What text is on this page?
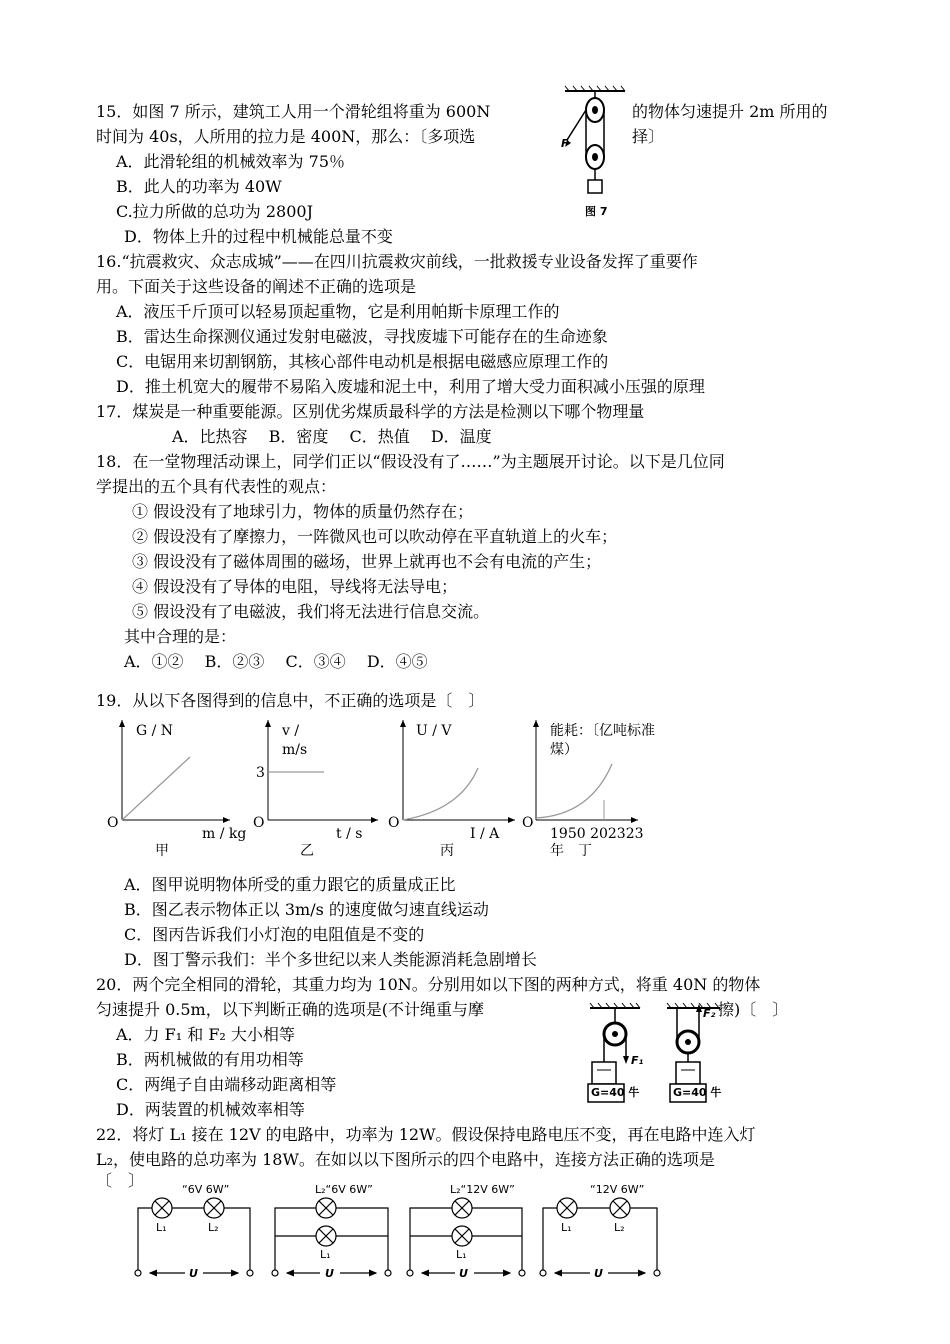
15．如图 7 所示，建筑工人用一个滑轮组将重为 600N	的物体匀速提升 2m 所用的
时间为 40s，人所用的拉力是 400N，那么：〔多项选	择〕
A．此滑轮组的机械效率为 75％
B．此人的功率为 40W
C.拉力所做的总功为 2800J
D．物体上升的过程中机械能总量不变
F
图 7
16.“抗震救灾、众志成城”——在四川抗震救灾前线，一批救援专业设备发挥了重要作
用。下面关于这些设备的阐述不正确的选项是
A．液压千斤顶可以轻易顶起重物，它是利用帕斯卡原理工作的
B．雷达生命探测仪通过发射电磁波，寻找废墟下可能存在的生命迹象
C．电锯用来切割钢筋，其核心部件电动机是根据电磁感应原理工作的
D．推土机宽大的履带不易陷入废墟和泥土中，利用了增大受力面积减小压强的原理
17．煤炭是一种重要能源。区别优劣煤质最科学的方法是检测以下哪个物理量
A．比热容　 B．密度　 C．热值　 D．温度
18．在一堂物理活动课上，同学们正以“假设没有了……”为主题展开讨论。以下是几位同
学提出的五个具有代表性的观点：
① 假设没有了地球引力，物体的质量仍然存在；
② 假设没有了摩擦力，一阵微风也可以吹动停在平直轨道上的火车；
③ 假设没有了磁体周围的磁场，世界上就再也不会有电流的产生；
④ 假设没有了导体的电阻，导线将无法导电；
⑤ 假设没有了电磁波，我们将无法进行信息交流。
其中合理的是：
A．①②　 B．②③　 C．③④　 D．④⑤
19．从以下各图得到的信息中，不正确的选项是〔　〕
G / N
O
m / kg
甲
v /
m/s
3
O
t / s
乙
U / V
O
I / A
丙
能耗：〔亿吨标准
煤）
O
1950 202323
年　丁
A．图甲说明物体所受的重力跟它的质量成正比
B．图乙表示物体正以 3m/s 的速度做匀速直线运动
C．图丙告诉我们小灯泡的电阻值是不变的
D．图丁警示我们：半个多世纪以来人类能源消耗急剧增长
20．两个完全相同的滑轮，其重力均为 10N。分别用如以下图的两种方式，将重 40N 的物体
匀速提升 0.5m，以下判断正确的选项是(不计绳重与摩	擦)〔　〕
A．力 F₁ 和 F₂ 大小相等
B．两机械做的有用功相等
C．两绳子自由端移动距离相等
D．两装置的机械效率相等
G=40 牛	G=40 牛
F₁
F₂
22．将灯 L₁ 接在 12V 的电路中，功率为 12W。假设保持电路电压不变，再在电路中连入灯
L₂，使电路的总功率为 18W。在如以以下图所示的四个电路中，连接方法正确的选项是
〔　〕	“6V 6W”
L₁	L₂
U
L₂“6V 6W”
L₁
U
L₂“12V 6W”
L₁
U
“12V 6W”
L₁	L₂
U
